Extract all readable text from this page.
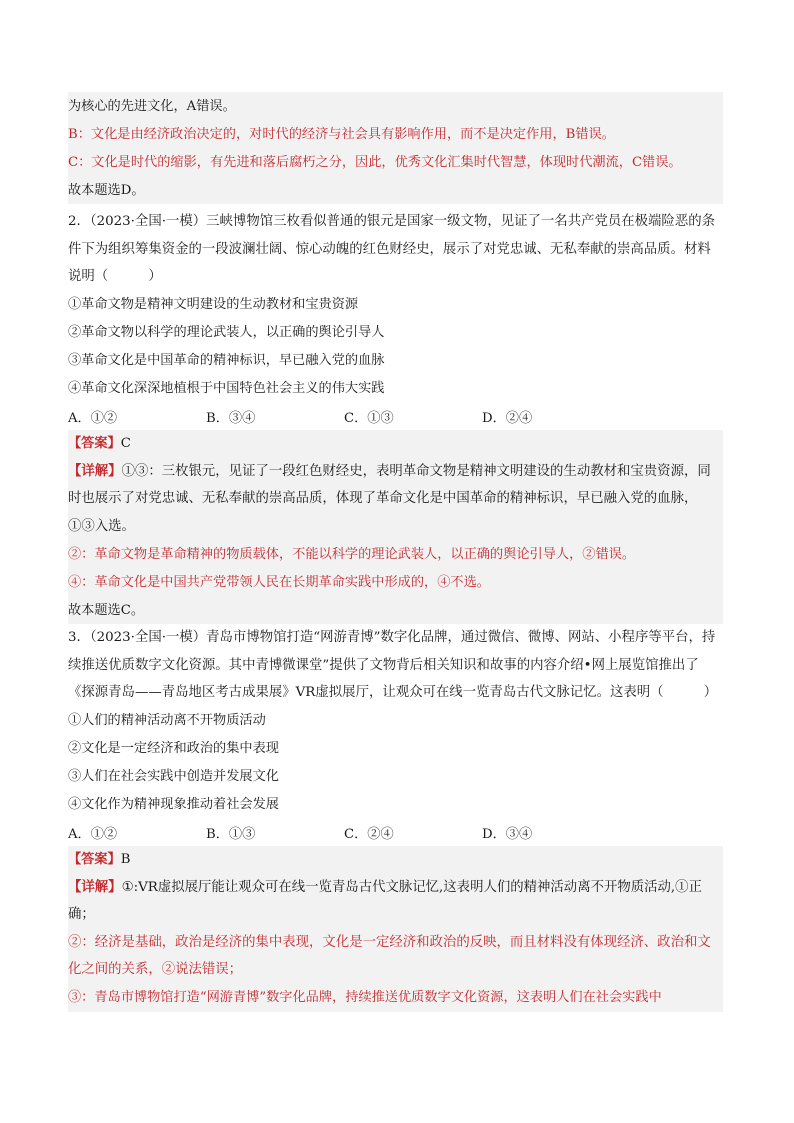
为核心的先进文化，A错误。
B：文化是由经济政治决定的，对时代的经济与社会具有影响作用，而不是决定作用，B错误。
C：文化是时代的缩影，有先进和落后腐朽之分，因此，优秀文化汇集时代智慧，体现时代潮流，C错误。
故本题选D。

2．（2023·全国·一模）三峡博物馆三枚看似普通的银元是国家一级文物，见证了一名共产党员在极端险恶的条件下为组织筹集资金的一段波澜壮阔、惊心动魄的红色财经史，展示了对党忠诚、无私奉献的崇高品质。材料说明（　　　）

①革命文物是精神文明建设的生动教材和宝贵资源
②革命文物以科学的理论武装人，以正确的舆论引导人
③革命文化是中国革命的精神标识，早已融入党的血脉
④革命文化深深地植根于中国特色社会主义的伟大实践
A．①②	B．③④	C．①③	D．②④
【答案】 C

【详解】①③：三枚银元，见证了一段红色财经史，表明革命文物是精神文明建设的生动教材和宝贵资源，同时也展示了对党忠诚、无私奉献的崇高品质，体现了革命文化是中国革命的精神标识，早已融入党的血脉，①③入选。

②：革命文物是革命精神的物质载体，不能以科学的理论武装人，以正确的舆论引导人，②错误。
④：革命文化是中国共产党带领人民在长期革命实践中形成的，④不选。
故本题选C。

3．（2023·全国·一模）青岛市博物馆打造“网游青博”数字化品牌，通过微信、微博、网站、小程序等平台，持续推送优质数字文化资源。其中青博微课堂”提供了文物背后相关知识和故事的内容介绍•网上展览馆推出了《探源青岛——青岛地区考古成果展》VR虚拟展厅，让观众可在线一览青岛古代文脉记忆。这表明（　　　）

①人们的精神活动离不开物质活动
②文化是一定经济和政治的集中表现
③人们在社会实践中创造并发展文化
④文化作为精神现象推动着社会发展
A．①②	B．①③	C．②④	D．③④
【答案】 B

【详解】①:VR虚拟展厅能让观众可在线一览青岛古代文脉记忆,这表明人们的精神活动离不开物质活动,①正确；

②：经济是基础，政治是经济的集中表现，文化是一定经济和政治的反映，而且材料没有体现经济、政治和文化之间的关系，②说法错误；

③：青岛市博物馆打造“网游青博”数字化品牌，持续推送优质数字文化资源，这表明人们在社会实践中
